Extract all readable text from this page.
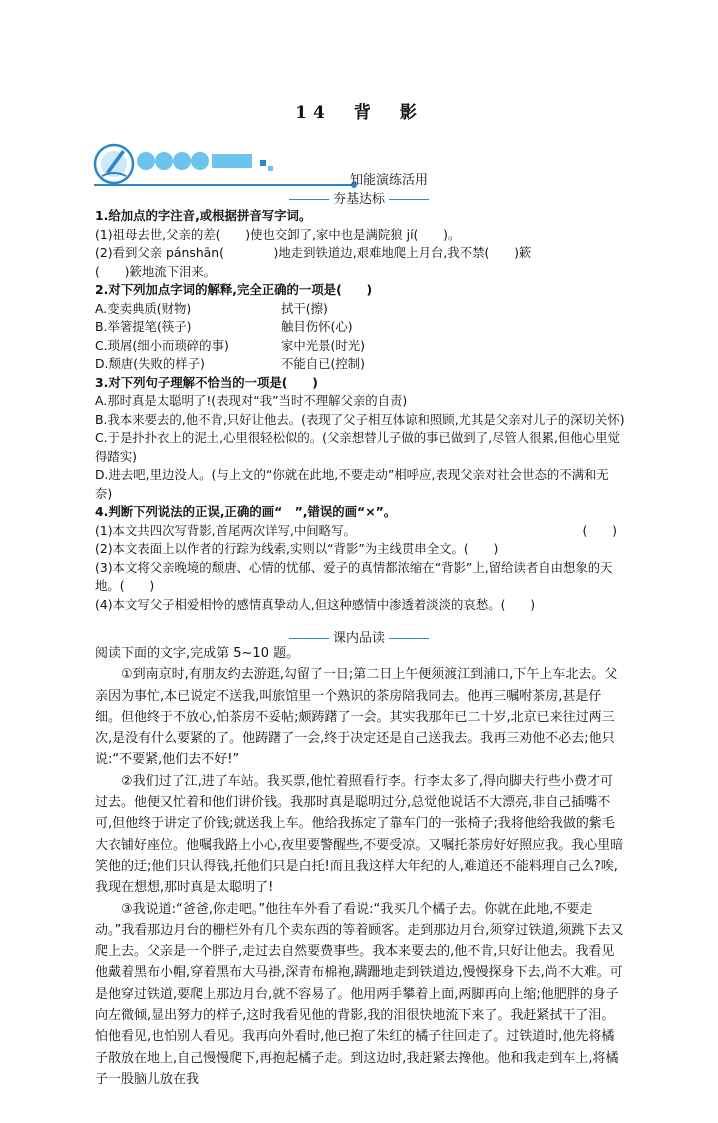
14　背　影
知能演练活用
夯基达标

1.给加点的字注音,或根据拼音写字词。

(1)祖母去世,父亲的差(　　)使也交卸了,家中也是满院狼 jí(　　)。

(2)看到父亲 pánshān(　　　　)地走到铁道边,艰难地爬上月台,我不禁(　　)簌

(　　)簌地流下泪来。

2.对下列加点字词的解释,完全正确的一项是(　　)

A.变卖典质(财物)	拭干(擦)
B.举箸提笔(筷子)	触目伤怀(心)
C.琐屑(细小而琐碎的事)	家中光景(时光)
D.颓唐(失败的样子)	不能自已(控制)

3.对下列句子理解不恰当的一项是(　　)

A.那时真是太聪明了!(表现对“我”当时不理解父亲的自责)

B.我本来要去的,他不肯,只好让他去。(表现了父子相互体谅和照顾,尤其是父亲对儿子的深切关怀)

C.于是扑扑衣上的泥土,心里很轻松似的。(父亲想替儿子做的事已做到了,尽管人很累,但他心里觉得踏实)

D.进去吧,里边没人。(与上文的“你就在此地,不要走动”相呼应,表现父亲对社会世态的不满和无奈)

4.判断下列说法的正误,正确的画“　”,错误的画“×”。

(1)本文共四次写背影,首尾两次详写,中间略写。	(　　)

(2)本文表面上以作者的行踪为线索,实则以“背影”为主线贯串全文。(　　)

(3)本文将父亲晚境的颓唐、心情的忧郁、爱子的真情都浓缩在“背影”上,留给读者自由想象的天地。(　　)

(4)本文写父子相爱相怜的感情真挚动人,但这种感情中渗透着淡淡的哀愁。(　　)

课内品读

阅读下面的文字,完成第 5~10 题。

①到南京时,有朋友约去游逛,勾留了一日;第二日上午便须渡江到浦口,下午上车北去。父亲因为事忙,本已说定不送我,叫旅馆里一个熟识的茶房陪我同去。他再三嘱咐茶房,甚是仔细。但他终于不放心,怕茶房不妥帖;颇踌躇了一会。其实我那年已二十岁,北京已来往过两三次,是没有什么要紧的了。他踌躇了一会,终于决定还是自己送我去。我再三劝他不必去;他只说:“不要紧,他们去不好!”

②我们过了江,进了车站。我买票,他忙着照看行李。行李太多了,得向脚夫行些小费才可过去。他便又忙着和他们讲价钱。我那时真是聪明过分,总觉他说话不大漂亮,非自己插嘴不可,但他终于讲定了价钱;就送我上车。他给我拣定了靠车门的一张椅子;我将他给我做的紫毛大衣铺好座位。他嘱我路上小心,夜里要警醒些,不要受凉。又嘱托茶房好好照应我。我心里暗笑他的迂;他们只认得钱,托他们只是白托!而且我这样大年纪的人,难道还不能料理自己么?唉,我现在想想,那时真是太聪明了!

③我说道:“爸爸,你走吧。”他往车外看了看说:“我买几个橘子去。你就在此地,不要走动。”我看那边月台的栅栏外有几个卖东西的等着顾客。走到那边月台,须穿过铁道,须跳下去又爬上去。父亲是一个胖子,走过去自然要费事些。我本来要去的,他不肯,只好让他去。我看见他戴着黑布小帽,穿着黑布大马褂,深青布棉袍,蹒跚地走到铁道边,慢慢探身下去,尚不大难。可是他穿过铁道,要爬上那边月台,就不容易了。他用两手攀着上面,两脚再向上缩;他肥胖的身子向左微倾,显出努力的样子,这时我看见他的背影,我的泪很快地流下来了。我赶紧拭干了泪。怕他看见,也怕别人看见。我再向外看时,他已抱了朱红的橘子往回走了。过铁道时,他先将橘子散放在地上,自己慢慢爬下,再抱起橘子走。到这边时,我赶紧去搀他。他和我走到车上,将橘子一股脑儿放在我
